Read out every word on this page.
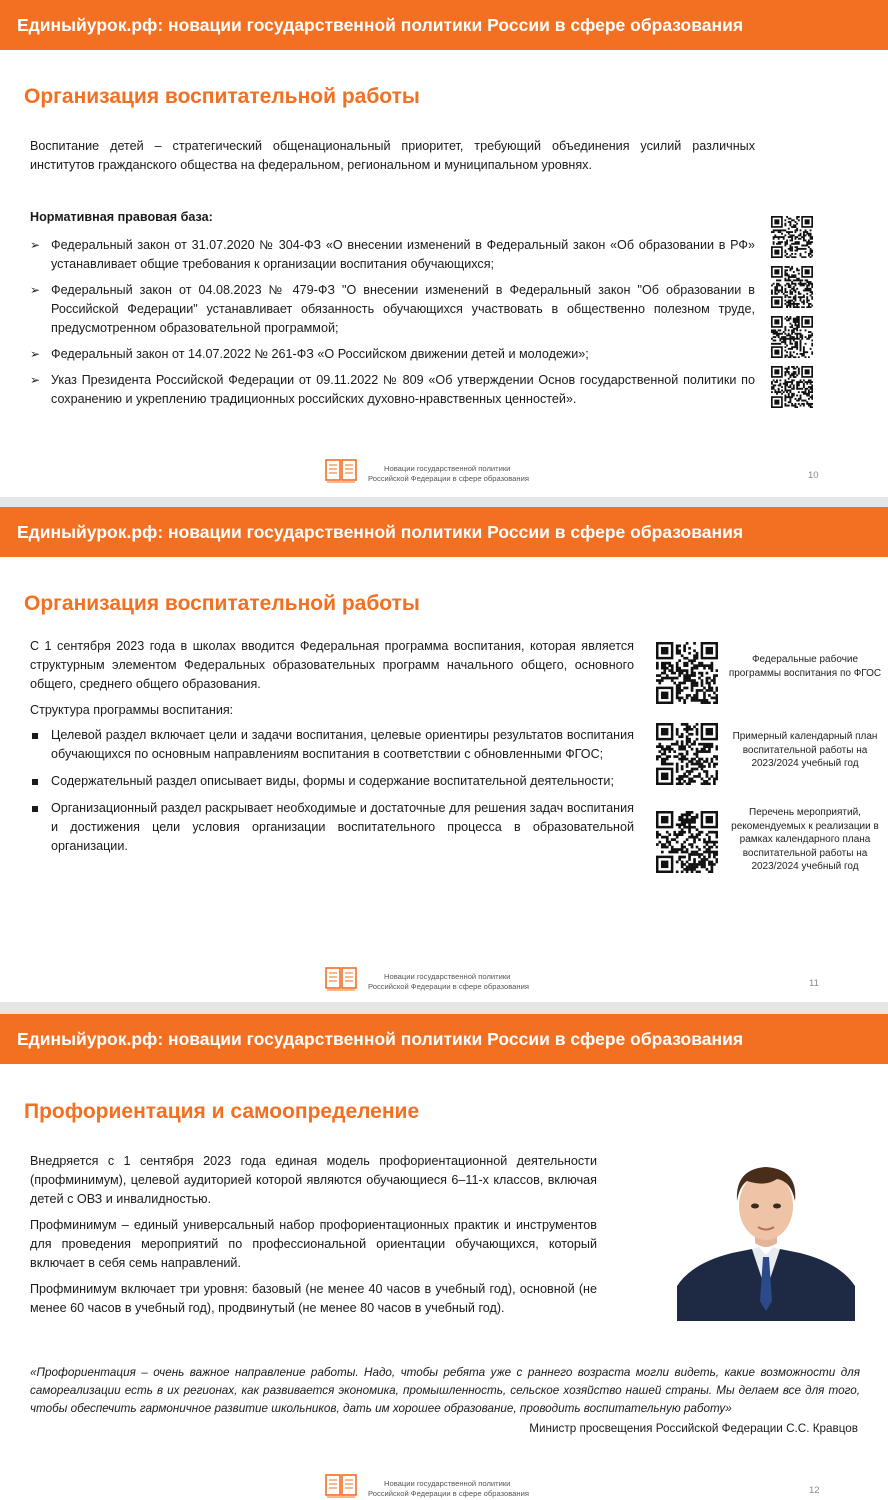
Единыйурок.рф: новации государственной политики России в сфере образования
Организация воспитательной работы
Воспитание детей – стратегический общенациональный приоритет, требующий объединения усилий различных институтов гражданского общества на федеральном, региональном и муниципальном уровнях.
Нормативная правовая база:
➢ Федеральный закон от 31.07.2020 № 304-ФЗ «О внесении изменений в Федеральный закон «Об образовании в РФ» устанавливает общие требования к организации воспитания обучающихся;
➢ Федеральный закон от 04.08.2023 № 479-ФЗ "О внесении изменений в Федеральный закон "Об образовании в Российской Федерации" устанавливает обязанность обучающихся участвовать в общественно полезном труде, предусмотренном образовательной программой;
➢ Федеральный закон от 14.07.2022 № 261-ФЗ «О Российском движении детей и молодежи»;
➢ Указ Президента Российской Федерации от 09.11.2022 № 809 «Об утверждении Основ государственной политики по сохранению и укреплению традиционных российских духовно-нравственных ценностей».
Новации государственной политики
Российской Федерации в сфере образования	10
Единыйурок.рф: новации государственной политики России в сфере образования
Организация воспитательной работы
С 1 сентября 2023 года в школах вводится Федеральная программа воспитания, которая является структурным элементом Федеральных образовательных программ начального общего, основного общего, среднего общего образования.
Структура программы воспитания:
Федеральные рабочие программы воспитания по ФГОС
Примерный календарный план воспитательной работы на 2023/2024 учебный год
Перечень мероприятий, рекомендуемых к реализации в рамках календарного плана воспитательной работы на 2023/2024 учебный год
Новации государственной политики
Российской Федерации в сфере образования	11
Целевой раздел включает цели и задачи воспитания, целевые ориентиры результатов воспитания обучающихся по основным направлениям воспитания в соответствии с обновленными ФГОС;
Содержательный раздел описывает виды, формы и содержание воспитательной деятельности;
Организационный раздел раскрывает необходимые и достаточные для решения задач воспитания и достижения цели условия организации воспитательного процесса в образовательной организации.
Единыйурок.рф: новации государственной политики России в сфере образования
Профориентация и самоопределение

Внедряется с 1 сентября 2023 года единая модель профориентационной деятельности (профминимум), целевой аудиторией которой являются обучающиеся 6–11-х классов, включая детей с ОВЗ и инвалидностью.

Профминимум – единый универсальный набор профориентационных практик и инструментов для проведения мероприятий по профессиональной ориентации обучающихся, который включает в себя семь направлений.

Профминимум включает три уровня: базовый (не менее 40 часов в учебный год), основной (не менее 60 часов в учебный год), продвинутый (не менее 80 часов в учебный год).

Новации государственной политики
Российской Федерации в сфере образования	12
«Профориентация – очень важное направление работы. Надо, чтобы ребята уже с раннего возраста могли видеть, какие возможности для самореализации есть в их регионах, как развивается экономика, промышленность, сельское хозяйство нашей страны. Мы делаем все для того, чтобы обеспечить гармоничное развитие школьников, дать им хорошее образование, проводить воспитательную работу»
Министр просвещения Российской Федерации С.С. Кравцов
